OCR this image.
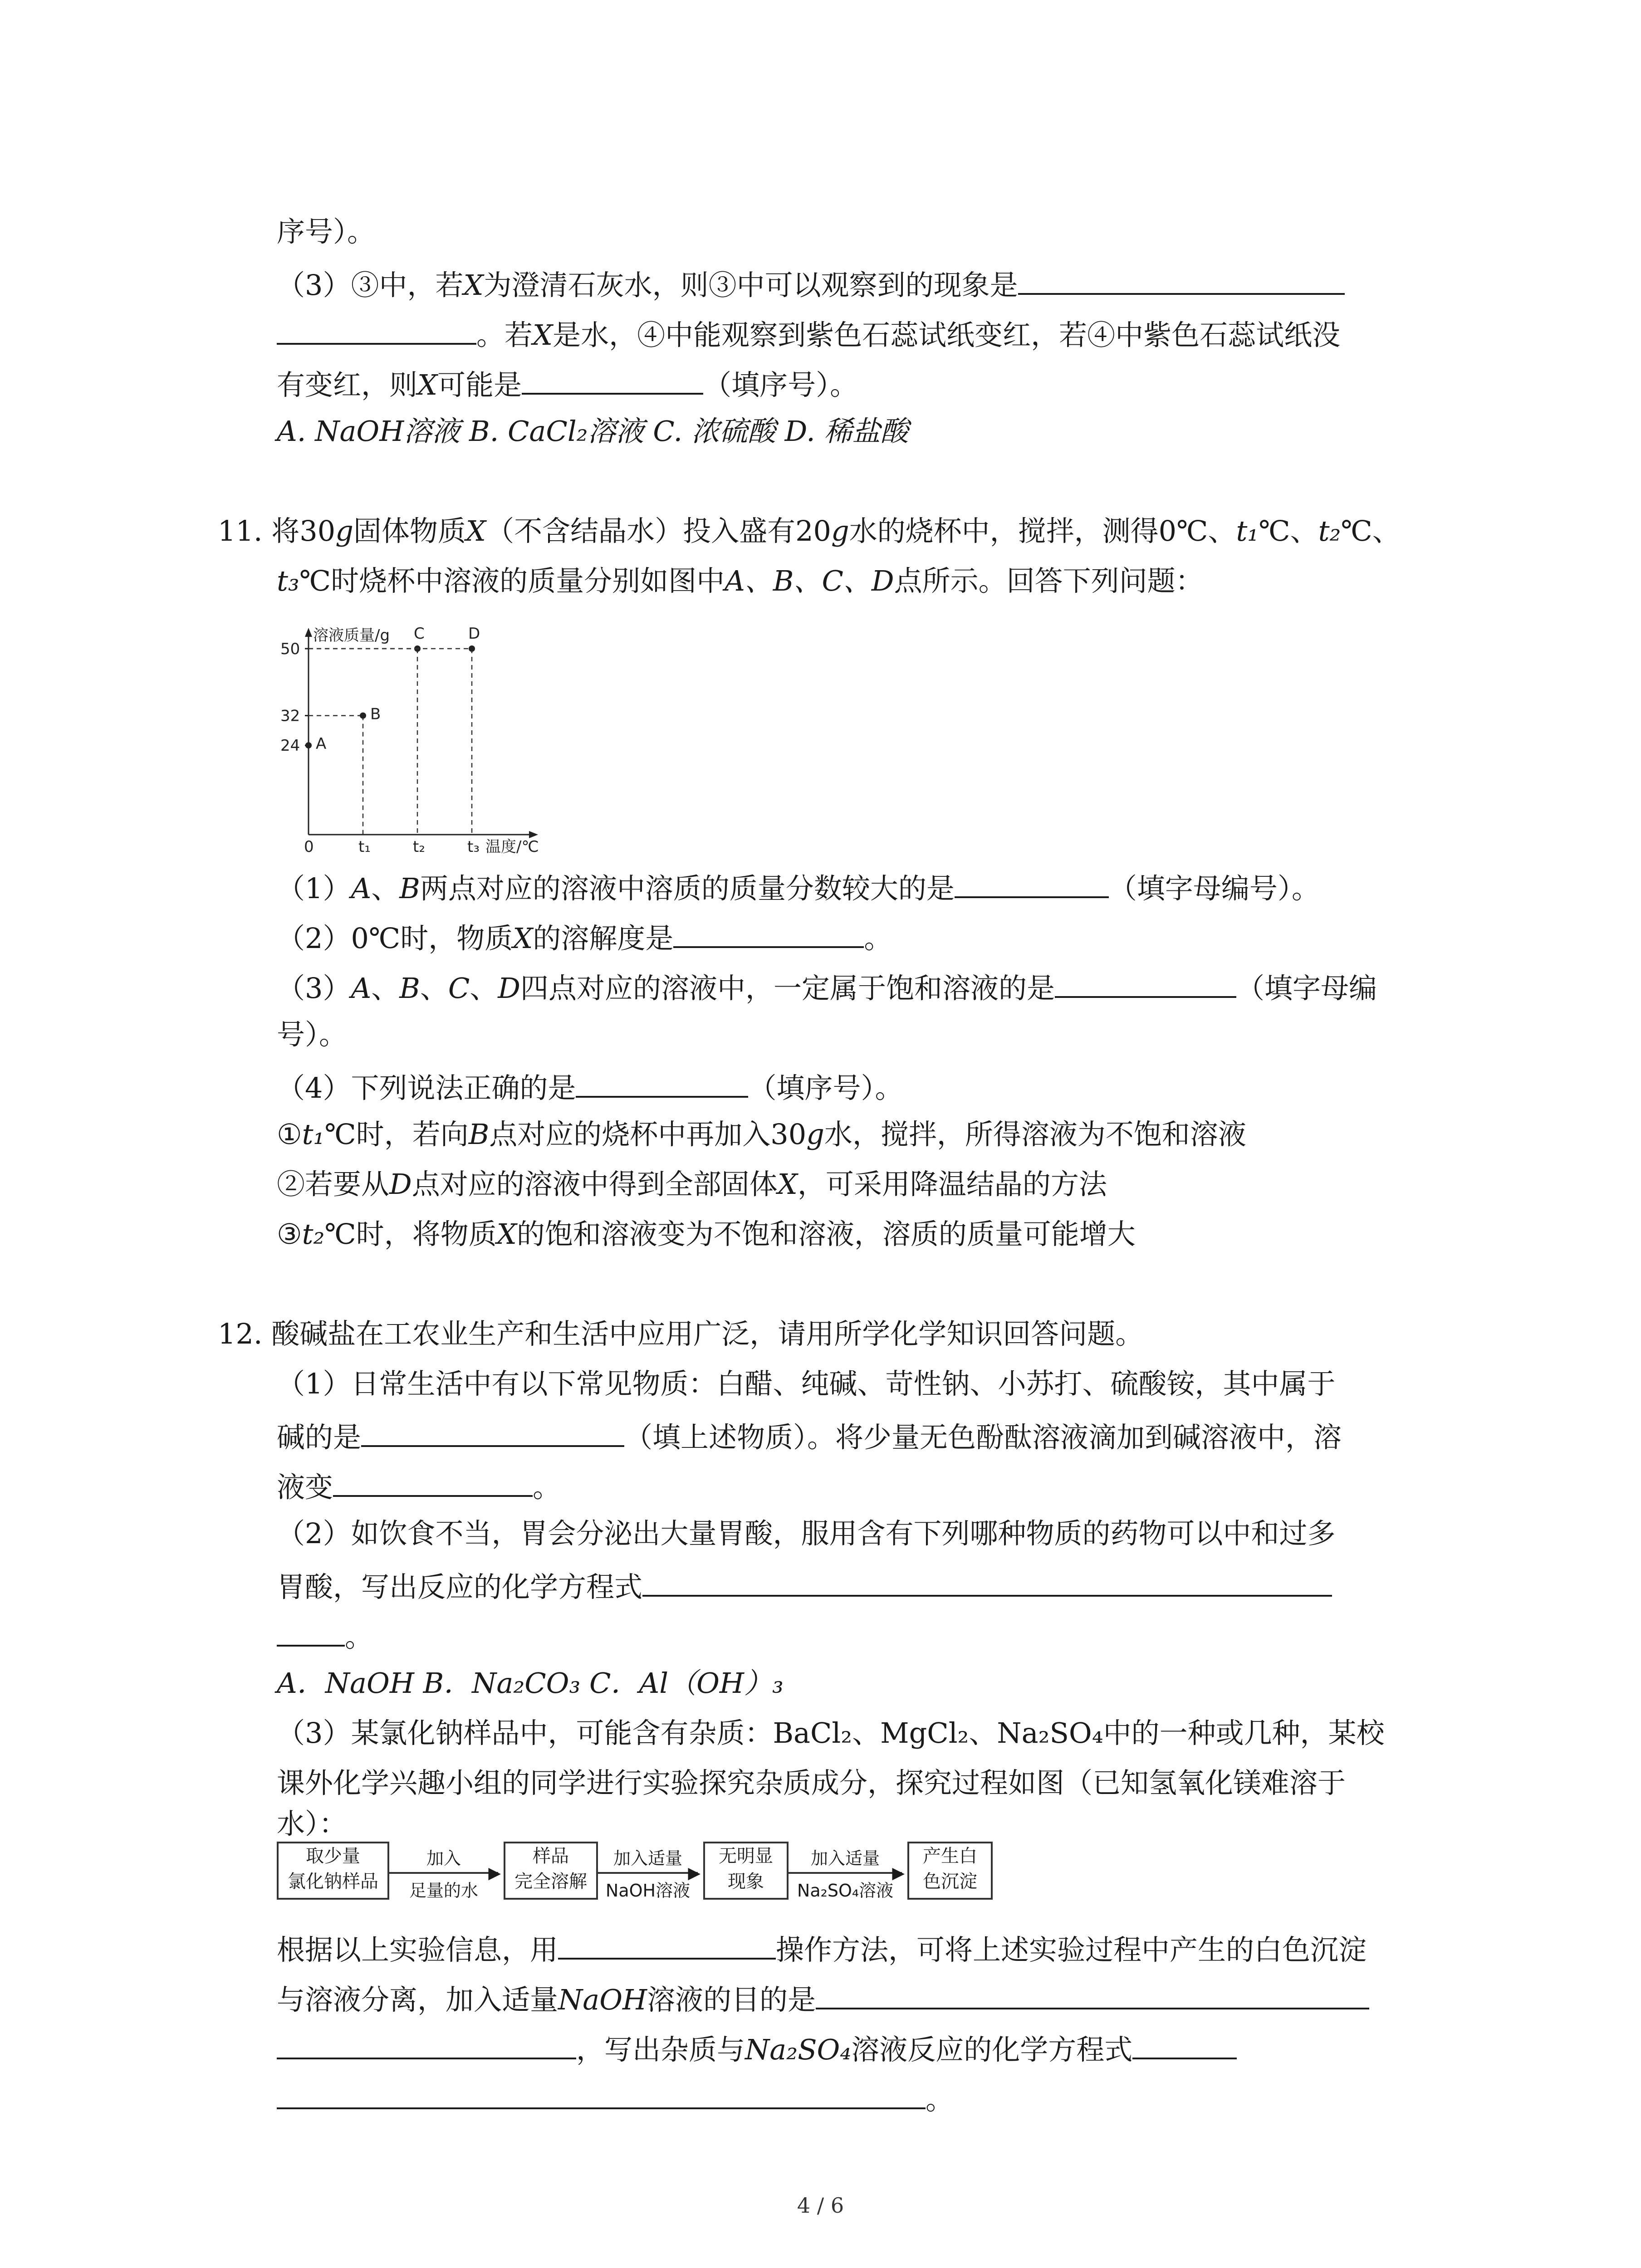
序号）。
（3）③中，若X为澄清石灰水，则③中可以观察到的现象是
。若X是水，④中能观察到紫色石蕊试纸变红，若④中紫色石蕊试纸没
有变红，则X可能是	（填序号）。
A. NaOH溶液 B. CaCl₂溶液 C. 浓硫酸 D. 稀盐酸
11. 将30g固体物质X（不含结晶水）投入盛有20g水的烧杯中，搅拌，测得0℃、t₁℃、t₂℃、
t₃℃时烧杯中溶液的质量分别如图中A、B、C、D点所示。回答下列问题：
溶液质量/g
温度/℃
0	t₁	t₂	t₃
24
32
50
A
B
C	D
（1）A、B两点对应的溶液中溶质的质量分数较大的是	（填字母编号）。
（2）0℃时，物质X的溶解度是	。
（3）A、B、C、D四点对应的溶液中，一定属于饱和溶液的是	（填字母编
号）。
（4）下列说法正确的是	（填序号）。
①t₁℃时，若向B点对应的烧杯中再加入30g水，搅拌，所得溶液为不饱和溶液
②若要从D点对应的溶液中得到全部固体X，可采用降温结晶的方法
③t₂℃时，将物质X的饱和溶液变为不饱和溶液，溶质的质量可能增大
12. 酸碱盐在工农业生产和生活中应用广泛，请用所学化学知识回答问题。
（1）日常生活中有以下常见物质：白醋、纯碱、苛性钠、小苏打、硫酸铵，其中属于
碱的是	（填上述物质）。将少量无色酚酞溶液滴加到碱溶液中，溶
液变	。
（2）如饮食不当，胃会分泌出大量胃酸，服用含有下列哪种物质的药物可以中和过多
胃酸，写出反应的化学方程式
。
A．NaOH B．Na₂CO₃ C．Al（OH）₃
（3）某氯化钠样品中，可能含有杂质：BaCl₂、MgCl₂、Na₂SO₄中的一种或几种，某校
课外化学兴趣小组的同学进行实验探究杂质成分，探究过程如图（已知氢氧化镁难溶于
水）：
取少量
氯化钠样品
加入
▶
足量的水
样品
完全溶解
加入适量
▶
NaOH溶液
无明显
现象
加入适量
▶
Na₂SO₄溶液
产生白
色沉淀
根据以上实验信息，用	操作方法，可将上述实验过程中产生的白色沉淀
与溶液分离，加入适量NaOH溶液的目的是
，写出杂质与Na₂SO₄溶液反应的化学方程式
。
4 / 6
